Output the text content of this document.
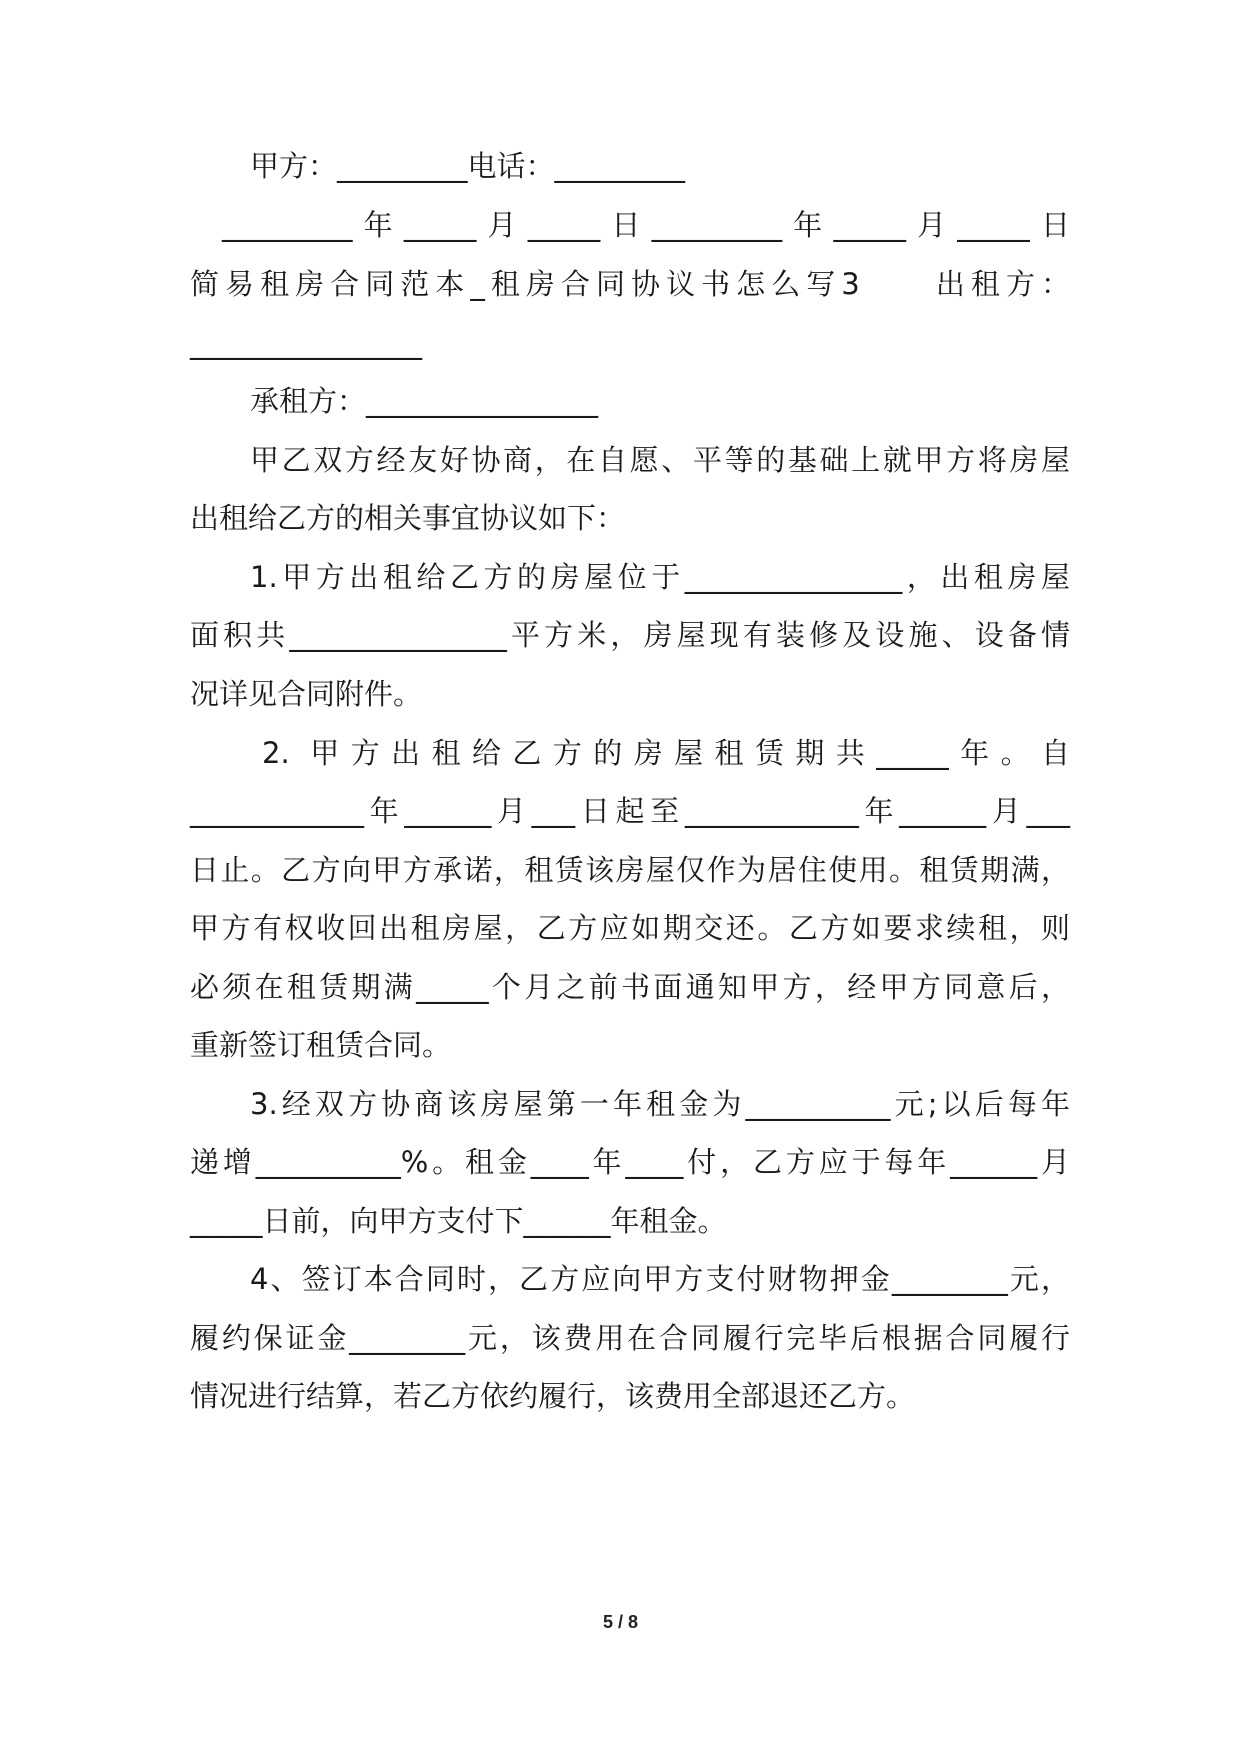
甲方：_________电话：_________
_________年_____月_____日_________年_____月_____日
简易租房合同范本_租房合同协议书怎么写3　　出租方：
________________
承租方：________________
甲乙双方经友好协商，在自愿、平等的基础上就甲方将房屋
出租给乙方的相关事宜协议如下：
1.甲方出租给乙方的房屋位于_______________，出租房屋
面积共_______________平方米，房屋现有装修及设施、设备情
况详见合同附件。
2. 甲方出租给乙方的房屋租赁期共_____年。自
____________年______月___日起至____________年______月___
日止。乙方向甲方承诺，租赁该房屋仅作为居住使用。租赁期满，
甲方有权收回出租房屋，乙方应如期交还。乙方如要求续租，则
必须在租赁期满_____个月之前书面通知甲方，经甲方同意后，
重新签订租赁合同。
3.经双方协商该房屋第一年租金为__________元;以后每年
递增__________%。租金____年____付，乙方应于每年______月
_____日前，向甲方支付下______年租金。
4、签订本合同时，乙方应向甲方支付财物押金________元，
履约保证金________元，该费用在合同履行完毕后根据合同履行
情况进行结算，若乙方依约履行，该费用全部退还乙方。
5 / 8
